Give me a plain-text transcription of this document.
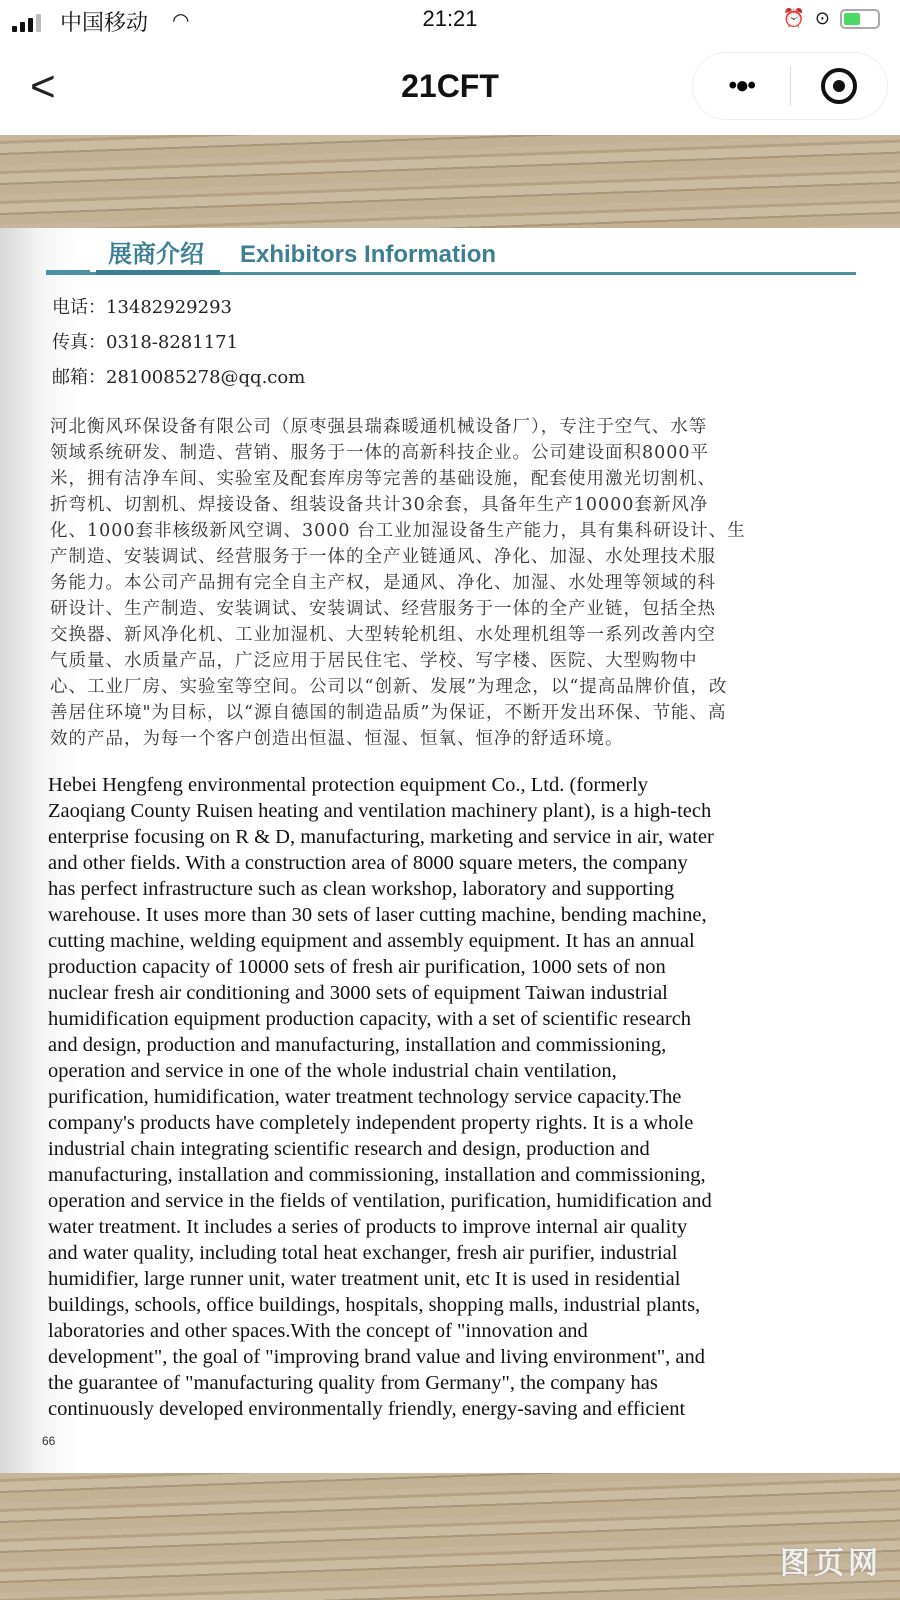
中国移动 ◠	21:21	⏰ ⊙
<	21CFT	•●•
展商介绍 Exhibitors Information
电话：13482929293
传真：0318-8281171
邮箱：2810085278@qq.com
河北衡风环保设备有限公司（原枣强县瑞森暖通机械设备厂），专注于空气、水等
领域系统研发、制造、营销、服务于一体的高新科技企业。公司建设面积8000平
米，拥有洁净车间、实验室及配套库房等完善的基础设施，配套使用激光切割机、
折弯机、切割机、焊接设备、组装设备共计30余套，具备年生产10000套新风净
化、1000套非核级新风空调、3000 台工业加湿设备生产能力，具有集科研设计、生
产制造、安装调试、经营服务于一体的全产业链通风、净化、加湿、水处理技术服
务能力。本公司产品拥有完全自主产权，是通风、净化、加湿、水处理等领域的科
研设计、生产制造、安装调试、安装调试、经营服务于一体的全产业链，包括全热
交换器、新风净化机、工业加湿机、大型转轮机组、水处理机组等一系列改善内空
气质量、水质量产品，广泛应用于居民住宅、学校、写字楼、医院、大型购物中
心、工业厂房、实验室等空间。公司以“创新、发展”为理念，以“提高品牌价值，改
善居住环境"为目标，以“源自德国的制造品质”为保证，不断开发出环保、节能、高
效的产品，为每一个客户创造出恒温、恒湿、恒氧、恒净的舒适环境。
Hebei Hengfeng environmental protection equipment Co., Ltd. (formerly
Zaoqiang County Ruisen heating and ventilation machinery plant), is a high-tech
enterprise focusing on R & D, manufacturing, marketing and service in air, water
and other fields. With a construction area of 8000 square meters, the company
has perfect infrastructure such as clean workshop, laboratory and supporting
warehouse. It uses more than 30 sets of laser cutting machine, bending machine,
cutting machine, welding equipment and assembly equipment. It has an annual
production capacity of 10000 sets of fresh air purification, 1000 sets of non
nuclear fresh air conditioning and 3000 sets of equipment Taiwan industrial
humidification equipment production capacity, with a set of scientific research
and design, production and manufacturing, installation and commissioning,
operation and service in one of the whole industrial chain ventilation,
purification, humidification, water treatment technology service capacity.The
company's products have completely independent property rights. It is a whole
industrial chain integrating scientific research and design, production and
manufacturing, installation and commissioning, installation and commissioning,
operation and service in the fields of ventilation, purification, humidification and
water treatment. It includes a series of products to improve internal air quality
and water quality, including total heat exchanger, fresh air purifier, industrial
humidifier, large runner unit, water treatment unit, etc It is used in residential
buildings, schools, office buildings, hospitals, shopping malls, industrial plants,
laboratories and other spaces.With the concept of "innovation and
development", the goal of "improving brand value and living environment", and
the guarantee of "manufacturing quality from Germany", the company has
continuously developed environmentally friendly, energy-saving and efficient
66
图页网
